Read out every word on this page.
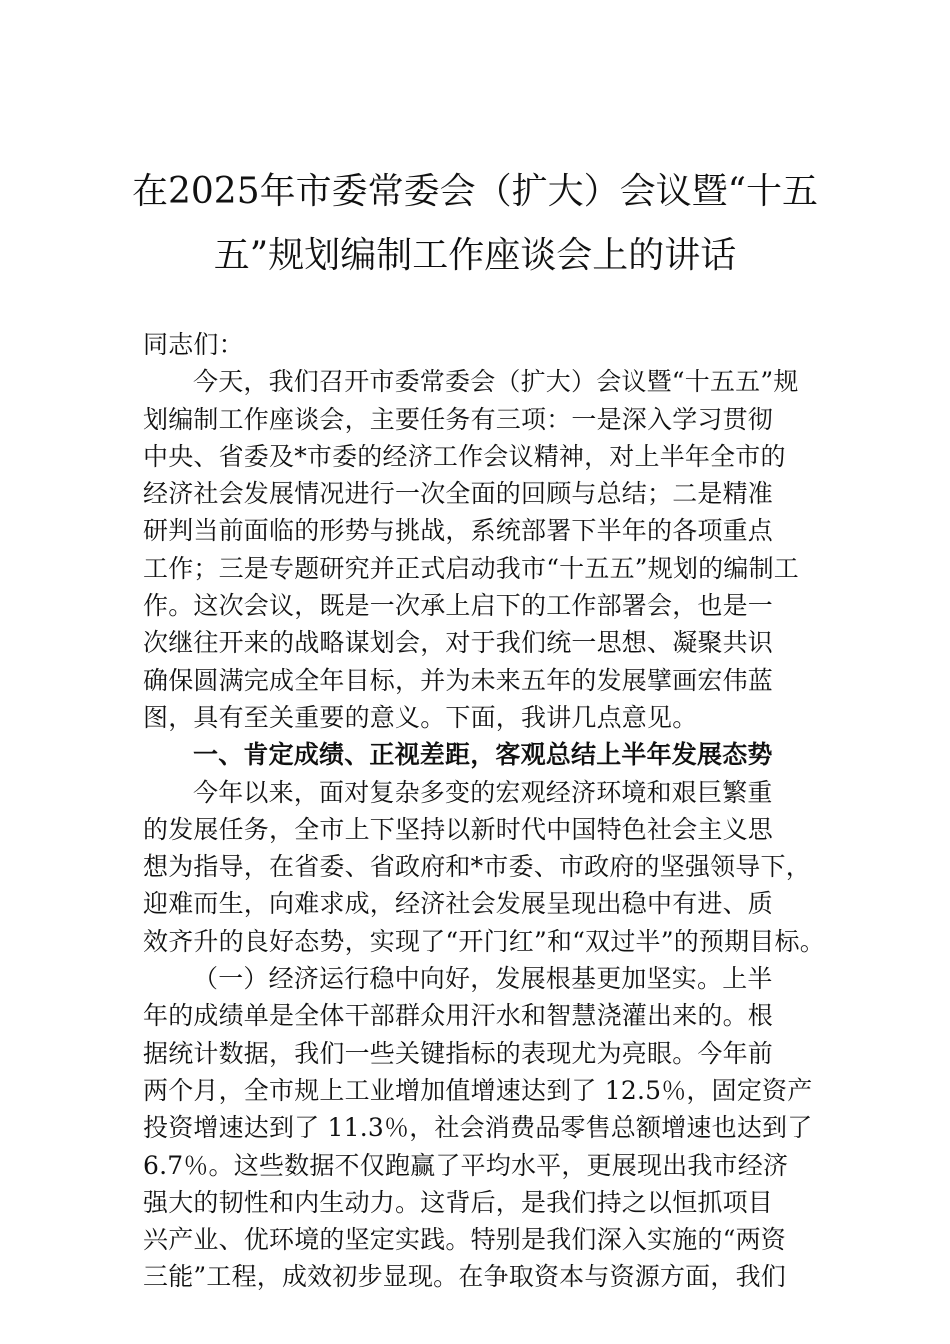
在2025年市委常委会（扩大）会议暨“十五
五”规划编制工作座谈会上的讲话
同志们：
今天，我们召开市委常委会（扩大）会议暨“十五五”规
划编制工作座谈会，主要任务有三项：一是深入学习贯彻
中央、省委及*市委的经济工作会议精神，对上半年全市的
经济社会发展情况进行一次全面的回顾与总结；二是精准
研判当前面临的形势与挑战，系统部署下半年的各项重点
工作；三是专题研究并正式启动我市“十五五”规划的编制工
作。这次会议，既是一次承上启下的工作部署会，也是一
次继往开来的战略谋划会，对于我们统一思想、凝聚共识
确保圆满完成全年目标，并为未来五年的发展擘画宏伟蓝
图，具有至关重要的意义。下面，我讲几点意见。
一、肯定成绩、正视差距，客观总结上半年发展态势
今年以来，面对复杂多变的宏观经济环境和艰巨繁重
的发展任务，全市上下坚持以新时代中国特色社会主义思
想为指导，在省委、省政府和*市委、市政府的坚强领导下，
迎难而生，向难求成，经济社会发展呈现出稳中有进、质
效齐升的良好态势，实现了“开门红”和“双过半”的预期目标。
（一）经济运行稳中向好，发展根基更加坚实。上半
年的成绩单是全体干部群众用汗水和智慧浇灌出来的。根
据统计数据，我们一些关键指标的表现尤为亮眼。今年前
两个月，全市规上工业增加值增速达到了 12.5％，固定资产
投资增速达到了 11.3％，社会消费品零售总额增速也达到了
6.7％。这些数据不仅跑赢了平均水平，更展现出我市经济
强大的韧性和内生动力。这背后，是我们持之以恒抓项目
兴产业、优环境的坚定实践。特别是我们深入实施的“两资
三能”工程，成效初步显现。在争取资本与资源方面，我们
